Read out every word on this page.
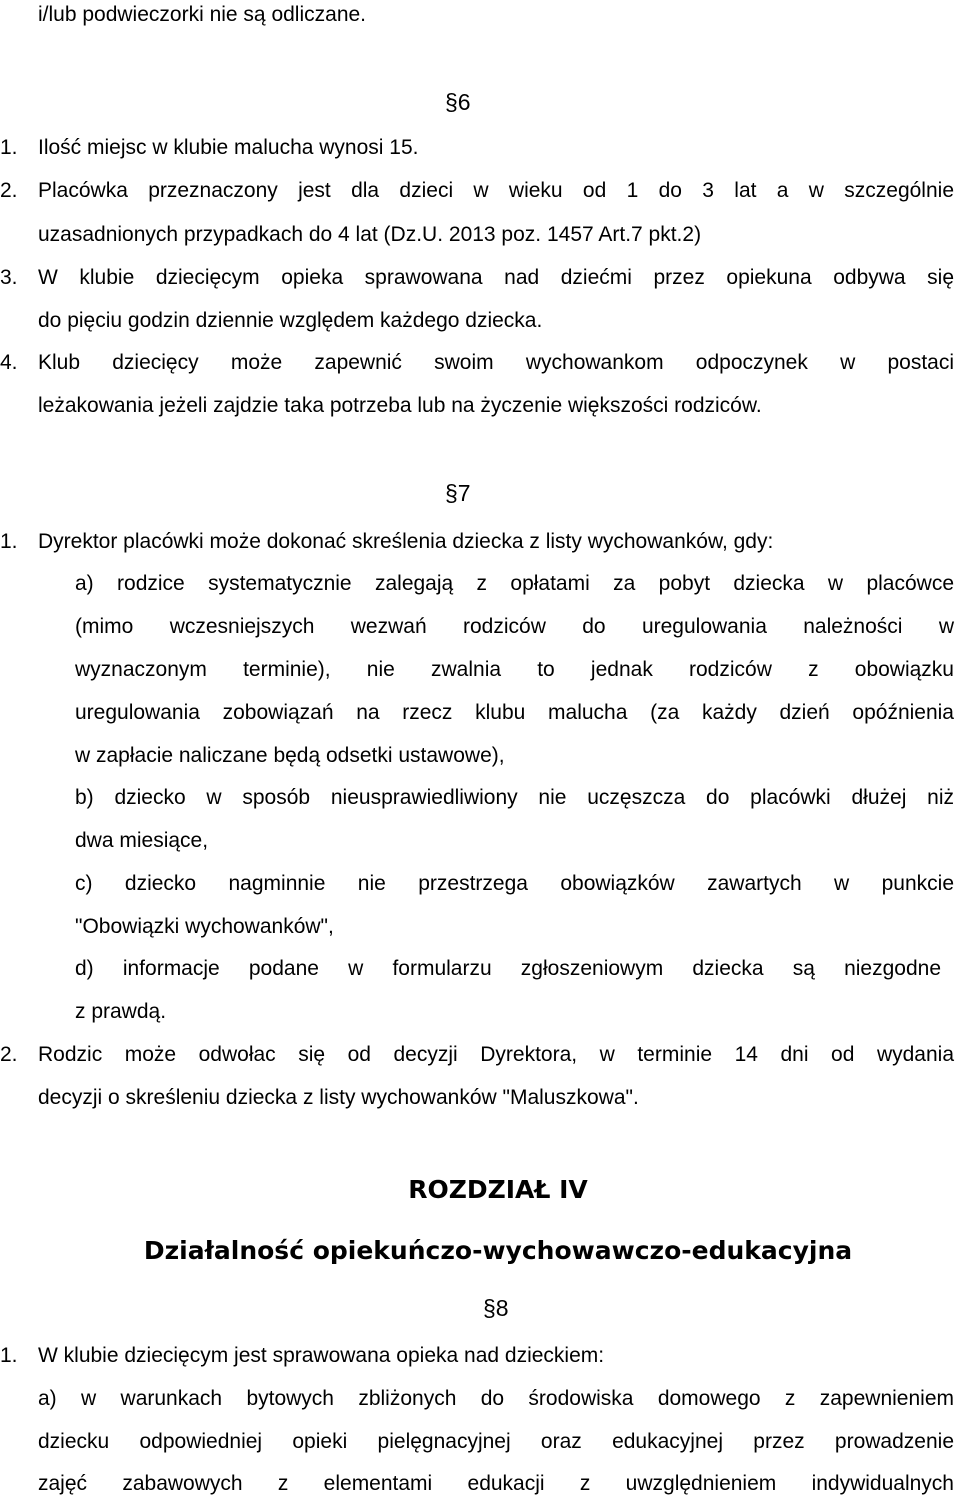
i/lub podwieczorki nie są odliczane.
§6
1. Ilość miejsc w klubie malucha wynosi 15.
2. Placówka przeznaczony jest dla dzieci w wieku od 1 do 3 lat a w szczególnie
uzasadnionych przypadkach do 4 lat (Dz.U. 2013 poz. 1457 Art.7 pkt.2)
3. W klubie dziecięcym opieka sprawowana nad dziećmi przez opiekuna odbywa się
do pięciu godzin dziennie względem każdego dziecka.
4. Klub dziecięcy może zapewnić swoim wychowankom odpoczynek w postaci
leżakowania jeżeli zajdzie taka potrzeba lub na życzenie większości rodziców.
§7
1. Dyrektor placówki może dokonać skreślenia dziecka z listy wychowanków, gdy:
a) rodzice systematycznie zalegają z opłatami za pobyt dziecka w placówce
(mimo wczesniejszych wezwań rodziców do uregulowania należności w
wyznaczonym terminie), nie zwalnia to jednak rodziców z obowiązku
uregulowania zobowiązań na rzecz klubu malucha (za każdy dzień opóźnienia
w zapłacie naliczane będą odsetki ustawowe),
b) dziecko w sposób nieusprawiedliwiony nie uczęszcza do placówki dłużej niż
dwa miesiące,
c) dziecko nagminnie nie przestrzega obowiązków zawartych w punkcie
"Obowiązki wychowanków",
d) informacje podane w formularzu zgłoszeniowym dziecka są niezgodne
z prawdą.
2. Rodzic może odwołac się od decyzji Dyrektora, w terminie 14 dni od wydania
decyzji o skreśleniu dziecka z listy wychowanków "Maluszkowa".
ROZDZIAŁ IV
Działalność opiekuńczo-wychowawczo-edukacyjna
§8
1. W klubie dziecięcym jest sprawowana opieka nad dzieckiem:
a) w warunkach bytowych zbliżonych do środowiska domowego z zapewnieniem
dziecku odpowiedniej opieki pielęgnacyjnej oraz edukacyjnej przez prowadzenie
zajęć zabawowych z elementami edukacji z uwzględnieniem indywidualnych
